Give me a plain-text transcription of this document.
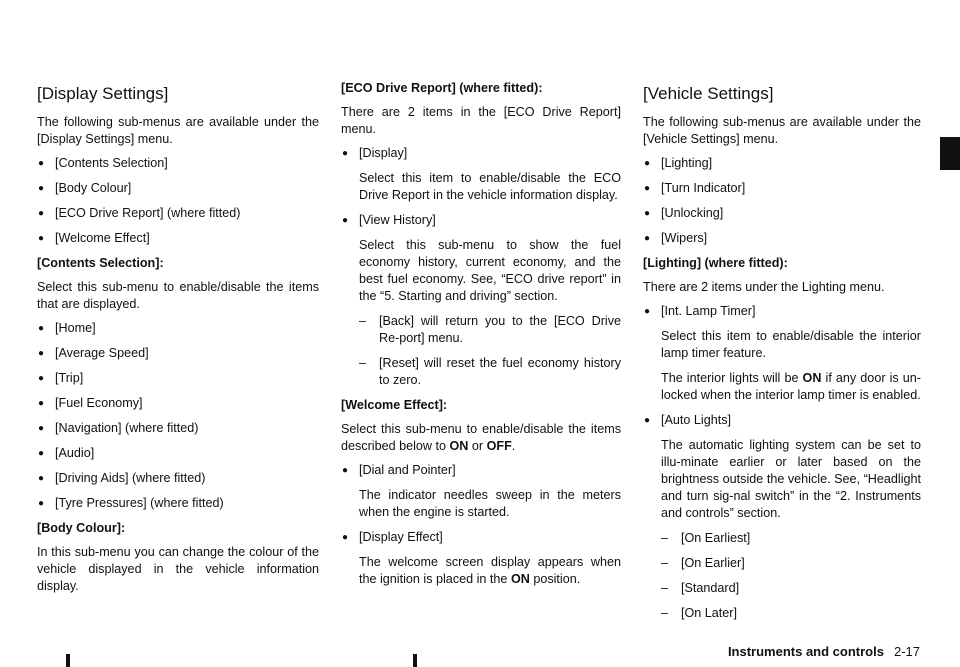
[Display Settings]

The following sub-menus are available under the [Display Settings] menu.

● [Contents Selection]
● [Body Colour]
● [ECO Drive Report] (where fitted)
● [Welcome Effect]
[Contents Selection]:

Select this sub-menu to enable/disable the items that are displayed.

● [Home]
● [Average Speed]
● [Trip]
● [Fuel Economy]
● [Navigation] (where fitted)
● [Audio]
● [Driving Aids] (where fitted)
● [Tyre Pressures] (where fitted)
[Body Colour]:

In this sub-menu you can change the colour of the vehicle displayed in the vehicle information display.

[ECO Drive Report] (where fitted):

There are 2 items in the [ECO Drive Report] menu.

● [Display]
Select this item to enable/disable the ECO Drive Report in the vehicle information display.
● [View History]
Select this sub-menu to show the fuel economy history, current economy, and the best fuel economy. See, “ECO drive report” in the “5. Starting and driving” section.
– [Back] will return you to the [ECO Drive Re-port] menu.
– [Reset] will reset the fuel economy history to zero.
[Welcome Effect]:

Select this sub-menu to enable/disable the items described below to ON or OFF.

● [Dial and Pointer]
The indicator needles sweep in the meters when the engine is started.
● [Display Effect]
The welcome screen display appears when the ignition is placed in the ON position.
[Vehicle Settings]

The following sub-menus are available under the [Vehicle Settings] menu.

● [Lighting]
● [Turn Indicator]
● [Unlocking]
● [Wipers]
[Lighting] (where fitted):

There are 2 items under the Lighting menu.

● [Int. Lamp Timer]
Select this item to enable/disable the interior lamp timer feature.
The interior lights will be ON if any door is un-locked when the interior lamp timer is enabled.
● [Auto Lights]
The automatic lighting system can be set to illu-minate earlier or later based on the brightness outside the vehicle. See, “Headlight and turn sig-nal switch” in the “2. Instruments and controls” section.
– [On Earliest]
– [On Earlier]
– [Standard]
– [On Later]
Instruments and controls 2-17
